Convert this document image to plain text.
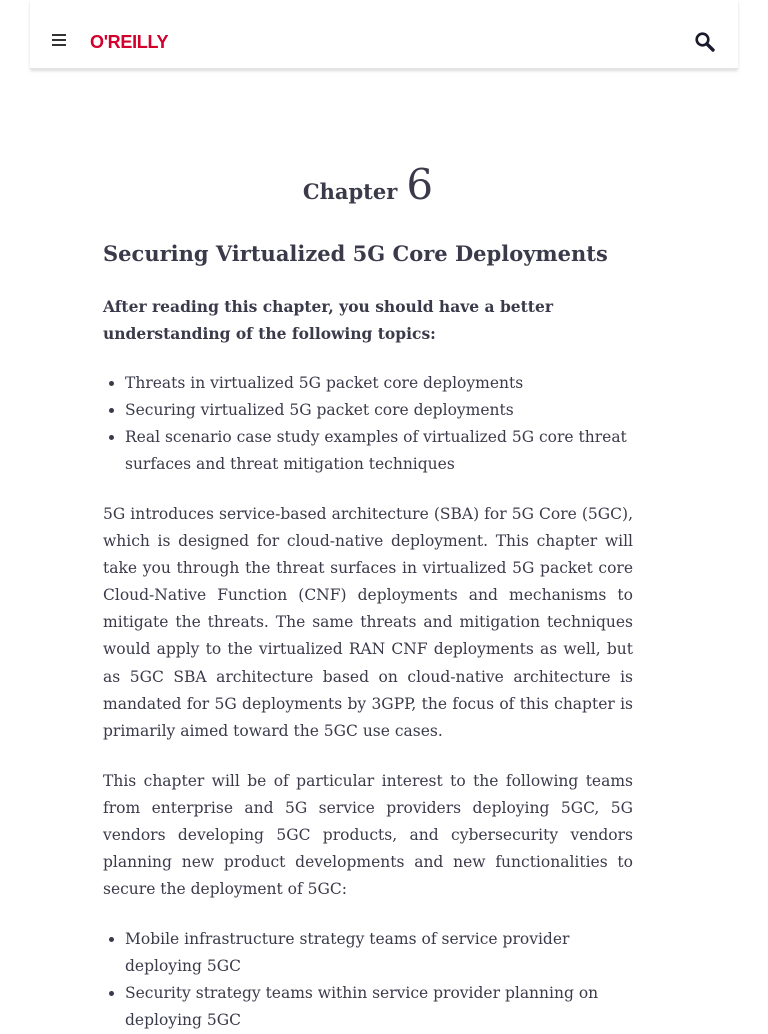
O'REILLY
Chapter 6
Securing Virtualized 5G Core Deployments

After reading this chapter, you should have a better understanding of the following topics:

• Threats in virtualized 5G packet core deployments
• Securing virtualized 5G packet core deployments
• Real scenario case study examples of virtualized 5G core threat surfaces and threat mitigation techniques

5G introduces service-based architecture (SBA) for 5G Core (5GC), which is designed for cloud-native deployment. This chapter will take you through the threat surfaces in virtualized 5G packet core Cloud-Native Function (CNF) deployments and mechanisms to mitigate the threats. The same threats and mitigation techniques would apply to the virtualized RAN CNF deployments as well, but as 5GC SBA architecture based on cloud-native architecture is mandated for 5G deployments by 3GPP, the focus of this chapter is primarily aimed toward the 5GC use cases.

This chapter will be of particular interest to the following teams from enterprise and 5G service providers deploying 5GC, 5G vendors developing 5GC products, and cybersecurity vendors planning new product developments and new functionalities to secure the deployment of 5GC:

• Mobile infrastructure strategy teams of service provider deploying 5GC
• Security strategy teams within service provider planning on deploying 5GC
